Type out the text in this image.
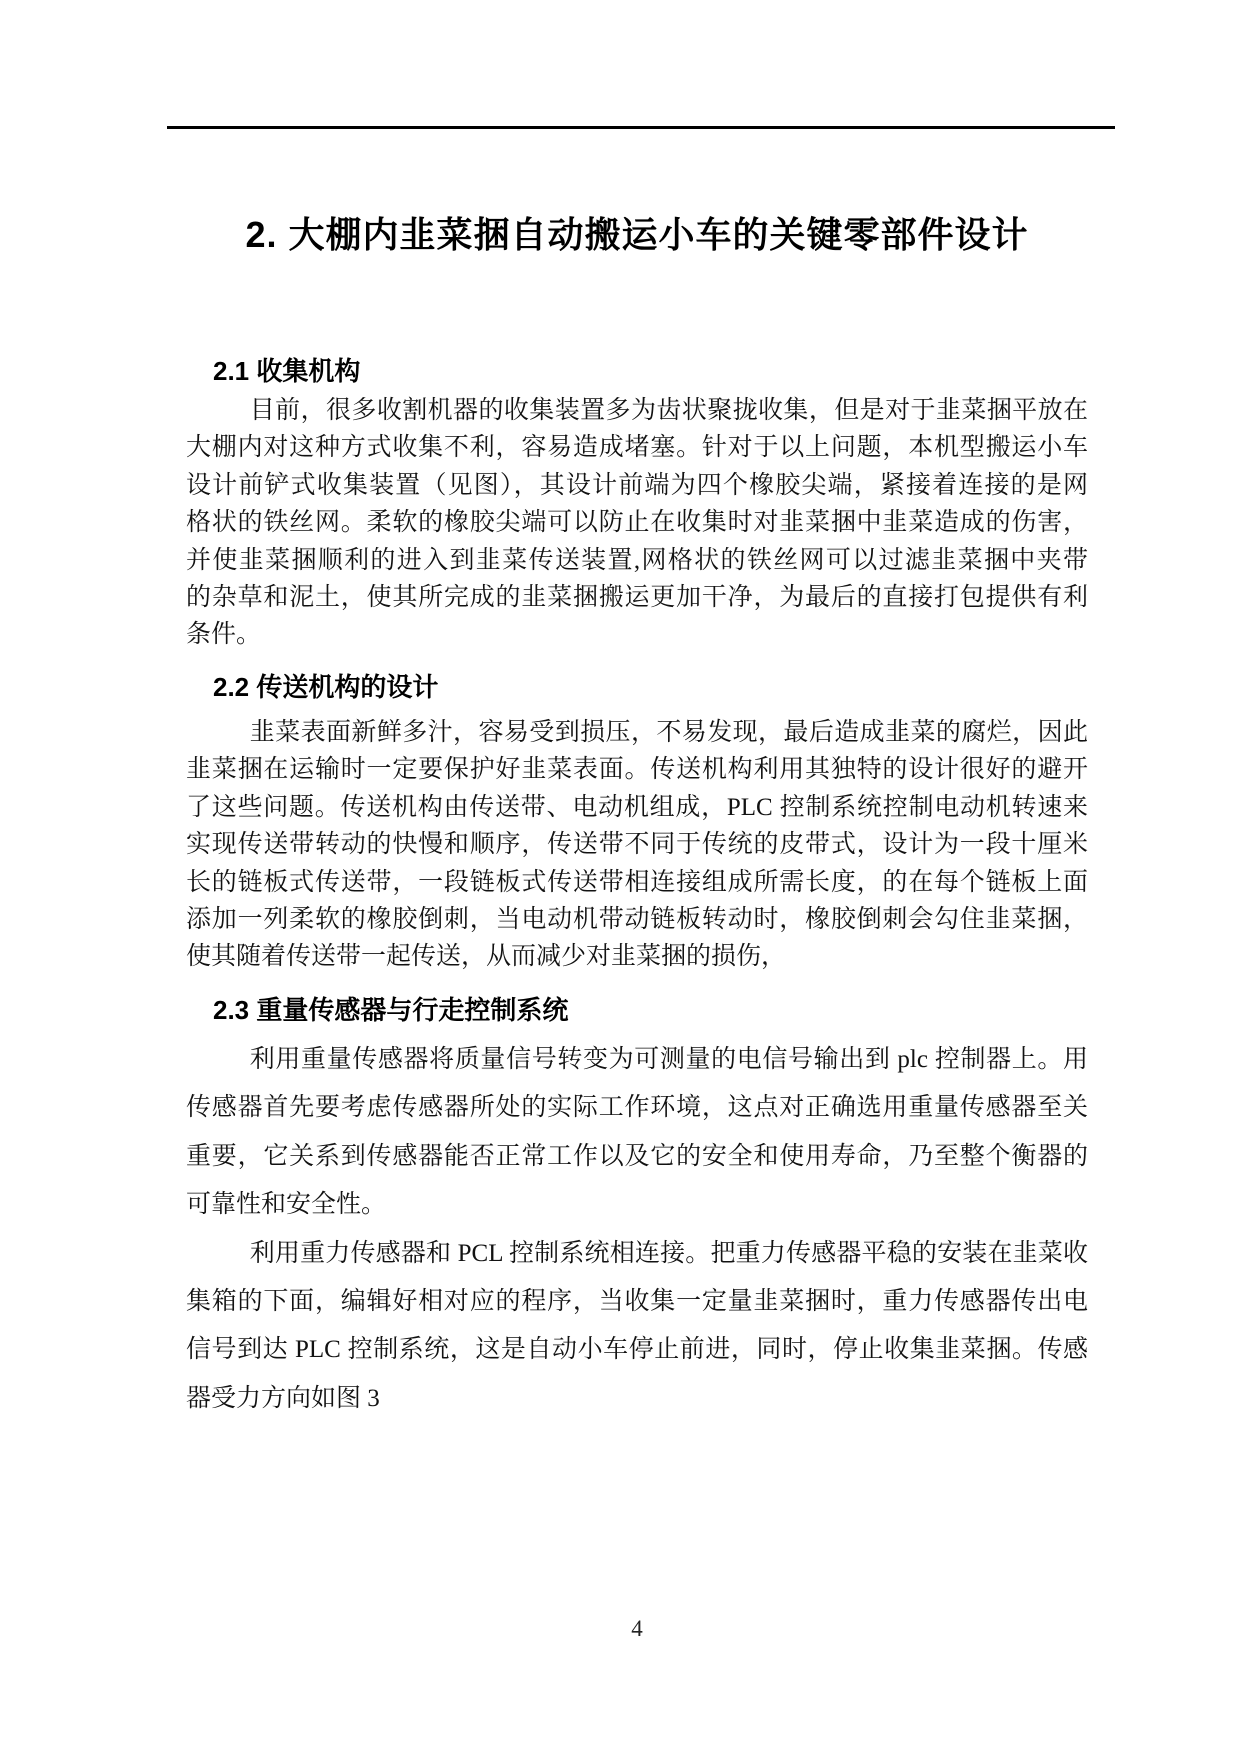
2. 大棚内韭菜捆自动搬运小车的关键零部件设计
2.1 收集机构
目前，很多收割机器的收集装置多为齿状聚拢收集，但是对于韭菜捆平放在
大棚内对这种方式收集不利，容易造成堵塞。针对于以上问题，本机型搬运小车
设计前铲式收集装置（见图），其设计前端为四个橡胶尖端，紧接着连接的是网
格状的铁丝网。柔软的橡胶尖端可以防止在收集时对韭菜捆中韭菜造成的伤害，
并使韭菜捆顺利的进入到韭菜传送装置,网格状的铁丝网可以过滤韭菜捆中夹带
的杂草和泥土，使其所完成的韭菜捆搬运更加干净，为最后的直接打包提供有利
条件。
2.2 传送机构的设计
韭菜表面新鲜多汁，容易受到损压，不易发现，最后造成韭菜的腐烂，因此
韭菜捆在运输时一定要保护好韭菜表面。传送机构利用其独特的设计很好的避开
了这些问题。传送机构由传送带、电动机组成，PLC 控制系统控制电动机转速来
实现传送带转动的快慢和顺序，传送带不同于传统的皮带式，设计为一段十厘米
长的链板式传送带，一段链板式传送带相连接组成所需长度，的在每个链板上面
添加一列柔软的橡胶倒刺，当电动机带动链板转动时，橡胶倒刺会勾住韭菜捆，
使其随着传送带一起传送，从而减少对韭菜捆的损伤，
2.3 重量传感器与行走控制系统
利用重量传感器将质量信号转变为可测量的电信号输出到 plc 控制器上。用
传感器首先要考虑传感器所处的实际工作环境，这点对正确选用重量传感器至关
重要，它关系到传感器能否正常工作以及它的安全和使用寿命，乃至整个衡器的
可靠性和安全性。
利用重力传感器和 PCL 控制系统相连接。把重力传感器平稳的安装在韭菜收
集箱的下面，编辑好相对应的程序，当收集一定量韭菜捆时，重力传感器传出电
信号到达 PLC 控制系统，这是自动小车停止前进，同时，停止收集韭菜捆。传感
器受力方向如图 3
4
